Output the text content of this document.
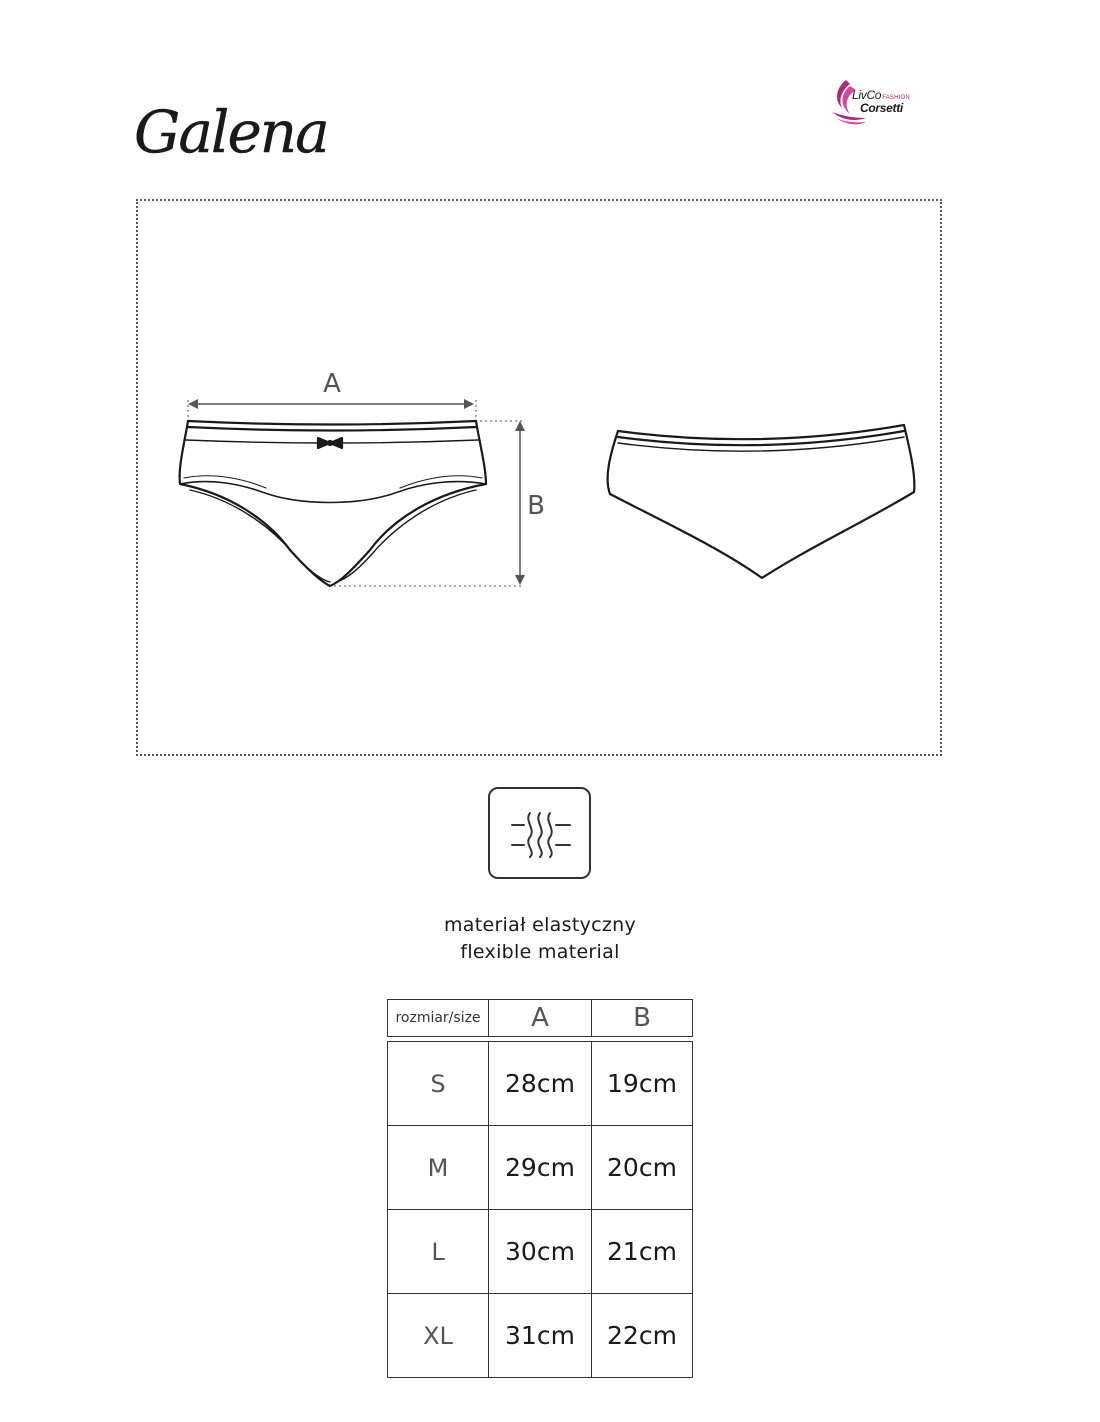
Galena
LivCoFASHION
Corsetti
A
B
materiał elastyczny
flexible material
rozmiar/size	A	B
S	28cm	19cm
M	29cm	20cm
L	30cm	21cm
XL	31cm	22cm
